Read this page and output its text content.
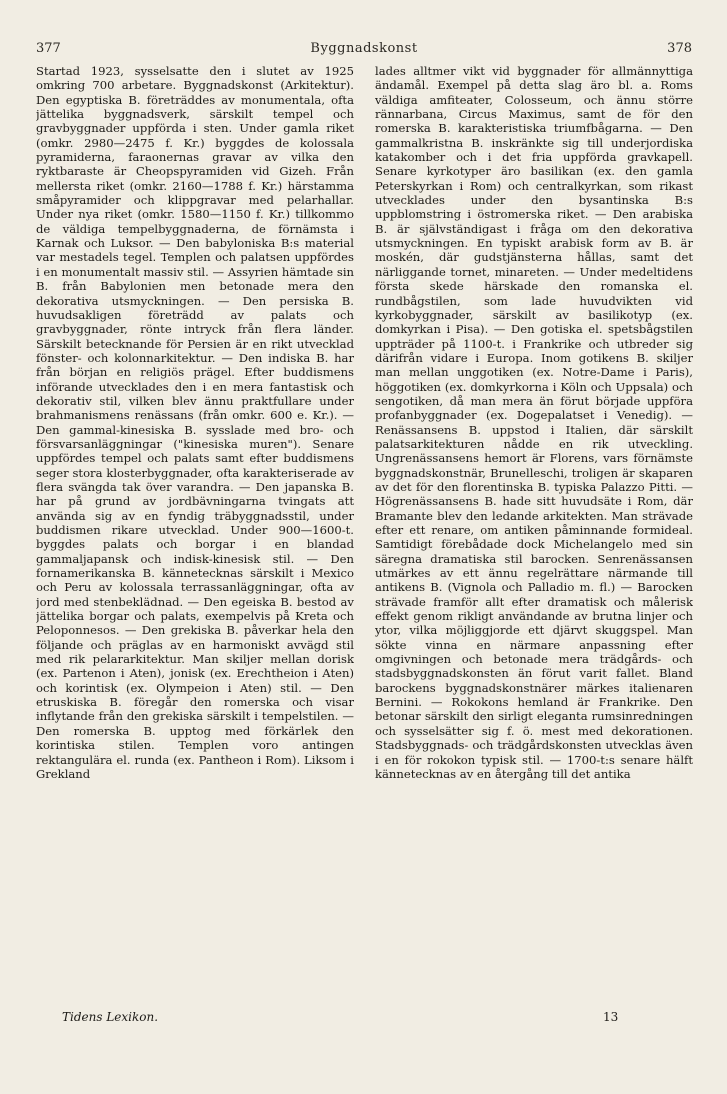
377	Byggnadskonst	378

Startad 1923, sysselsatte den i slutet av 1925 omkring 700 arbetare. Byggnadskonst (Arkitektur). Den egyptiska B. företräddes av monumentala, ofta jättelika byggnadsverk, särskilt tempel och gravbyggnader uppförda i sten. Under gamla riket (omkr. 2980—2475 f. Kr.) byggdes de kolossala pyramiderna, faraonernas gravar av vilka den ryktbaraste är Cheopspyramiden vid Gizeh. Från mellersta riket (omkr. 2160—1788 f. Kr.) härstamma småpyramider och klippgravar med pelarhallar. Under nya riket (omkr. 1580—1150 f. Kr.) tillkommo de väldiga tempelbyggnaderna, de förnämsta i Karnak och Luksor. — Den babyloniska B:s material var mestadels tegel. Templen och palatsen uppfördes i en monumentalt massiv stil. — Assyrien hämtade sin B. från Babylonien men betonade mera den dekorativa utsmyckningen. — Den persiska B. huvudsakligen företrädd av palats och gravbyggnader, rönte intryck från flera länder. Särskilt betecknande för Persien är en rikt utvecklad fönster- och kolonnarkitektur. — Den indiska B. har från början en religiös prägel. Efter buddismens införande utvecklades den i en mera fantastisk och dekorativ stil, vilken blev ännu praktfullare under brahmanismens renässans (från omkr. 600 e. Kr.). — Den gammal-kinesiska B. sysslade med bro- och försvarsanläggningar ("kinesiska muren"). Senare uppfördes tempel och palats samt efter buddismens seger stora klosterbyggnader, ofta karakteriserade av flera svängda tak över varandra. — Den japanska B. har på grund av jordbävningarna tvingats att använda sig av en fyndig träbyggnadsstil, under buddismen rikare utvecklad. Under 900—1600-t. byggdes palats och borgar i en blandad gammaljapansk och indisk-kinesisk stil. — Den fornamerikanska B. kännetecknas särskilt i Mexico och Peru av kolossala terrassanläggningar, ofta av jord med stenbeklädnad. — Den egeiska B. bestod av jättelika borgar och palats, exempelvis på Kreta och Peloponnesos. — Den grekiska B. påverkar hela den följande och präglas av en harmoniskt avvägd stil med rik pelararkitektur. Man skiljer mellan dorisk (ex. Partenon i Aten), jonisk (ex. Erechtheion i Aten) och korintisk (ex. Olympeion i Aten) stil. — Den etruskiska B. föregår den romerska och visar inflytande från den grekiska särskilt i tempelstilen. — Den romerska B. upptog med förkärlek den korintiska stilen. Templen voro antingen rektangulära el. runda (ex. Pantheon i Rom). Liksom i Grekland

lades alltmer vikt vid byggnader för allmännyttiga ändamål. Exempel på detta slag äro bl. a. Roms väldiga amfiteater, Colosseum, och ännu större rännarbana, Circus Maximus, samt de för den romerska B. karakteristiska triumfbågarna. — Den gammalkristna B. inskränkte sig till underjordiska katakomber och i det fria uppförda gravkapell. Senare kyrkotyper äro basilikan (ex. den gamla Peterskyrkan i Rom) och centralkyrkan, som rikast utvecklades under den bysantinska B:s uppblomstring i östromerska riket. — Den arabiska B. är självständigast i fråga om den dekorativa utsmyckningen. En typiskt arabisk form av B. är moskén, där gudstjänsterna hållas, samt det närliggande tornet, minareten. — Under medeltidens första skede härskade den romanska el. rundbågstilen, som lade huvudvikten vid kyrkobyggnader, särskilt av basilikotyp (ex. domkyrkan i Pisa). — Den gotiska el. spetsbågstilen uppträder på 1100-t. i Frankrike och utbreder sig därifrån vidare i Europa. Inom gotikens B. skiljer man mellan unggotiken (ex. Notre-Dame i Paris), höggotiken (ex. domkyrkorna i Köln och Uppsala) och sengotiken, då man mera än förut började uppföra profanbyggnader (ex. Dogepalatset i Venedig). — Renässansens B. uppstod i Italien, där särskilt palatsarkitekturen nådde en rik utveckling. Ungrenässansens hemort är Florens, vars förnämste byggnadskonstnär, Brunelleschi, troligen är skaparen av det för den florentinska B. typiska Palazzo Pitti. — Högrenässansens B. hade sitt huvudsäte i Rom, där Bramante blev den ledande arkitekten. Man strävade efter ett renare, om antiken påminnande formideal. Samtidigt förebådade dock Michelangelo med sin säregna dramatiska stil barocken. Senrenässansen utmärkes av ett ännu regelrättare närmande till antikens B. (Vignola och Palladio m. fl.) — Barocken strävade framför allt efter dramatisk och målerisk effekt genom rikligt användande av brutna linjer och ytor, vilka möjliggjorde ett djärvt skuggspel. Man sökte vinna en närmare anpassning efter omgivningen och betonade mera trädgårds- och stadsbyggnadskonsten än förut varit fallet. Bland barockens byggnadskonstnärer märkes italienaren Bernini. — Rokokons hemland är Frankrike. Den betonar särskilt den sirligt eleganta rumsinredningen och sysselsätter sig f. ö. mest med dekorationen. Stadsbyggnads- och trädgårdskonsten utvecklas även i en för rokokon typisk stil. — 1700-t:s senare hälft kännetecknas av en återgång till det antika

Tidens Lexikon.	13
